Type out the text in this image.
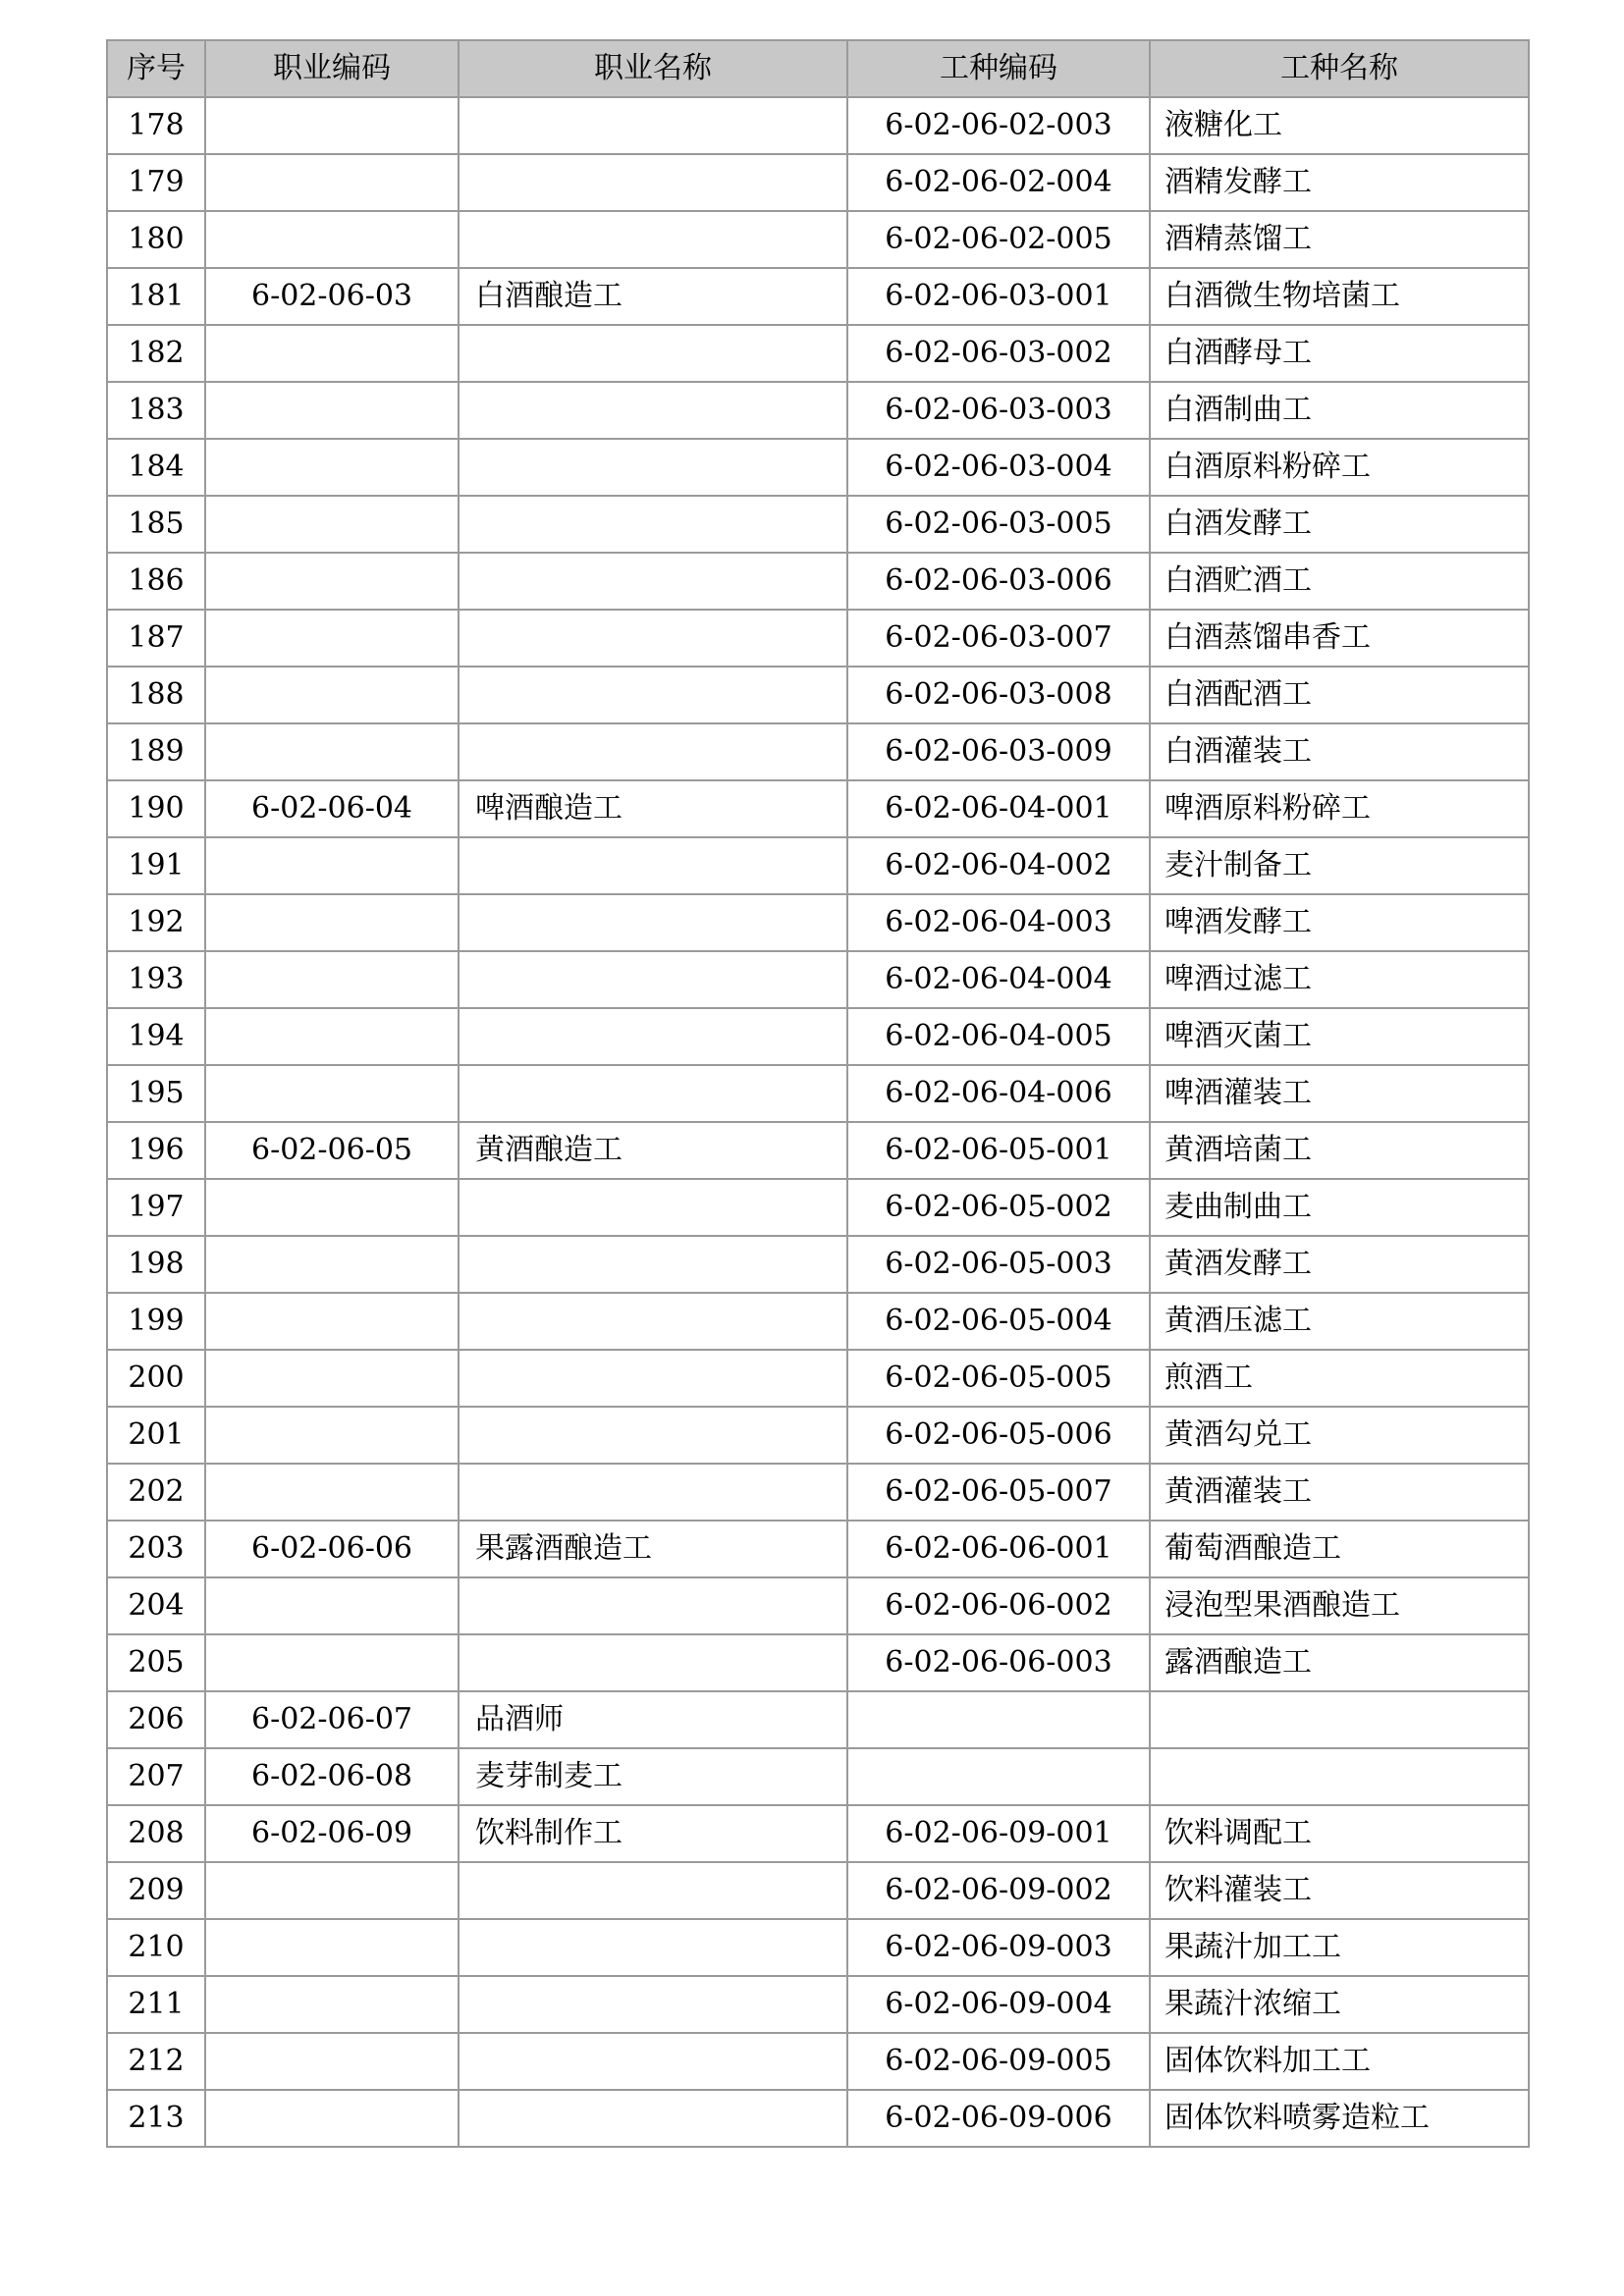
序号	职业编码	职业名称	工种编码	工种名称
178			6-02-06-02-003	液糖化工
179			6-02-06-02-004	酒精发酵工
180			6-02-06-02-005	酒精蒸馏工
181	6-02-06-03	白酒酿造工	6-02-06-03-001	白酒微生物培菌工
182			6-02-06-03-002	白酒酵母工
183			6-02-06-03-003	白酒制曲工
184			6-02-06-03-004	白酒原料粉碎工
185			6-02-06-03-005	白酒发酵工
186			6-02-06-03-006	白酒贮酒工
187			6-02-06-03-007	白酒蒸馏串香工
188			6-02-06-03-008	白酒配酒工
189			6-02-06-03-009	白酒灌装工
190	6-02-06-04	啤酒酿造工	6-02-06-04-001	啤酒原料粉碎工
191			6-02-06-04-002	麦汁制备工
192			6-02-06-04-003	啤酒发酵工
193			6-02-06-04-004	啤酒过滤工
194			6-02-06-04-005	啤酒灭菌工
195			6-02-06-04-006	啤酒灌装工
196	6-02-06-05	黄酒酿造工	6-02-06-05-001	黄酒培菌工
197			6-02-06-05-002	麦曲制曲工
198			6-02-06-05-003	黄酒发酵工
199			6-02-06-05-004	黄酒压滤工
200			6-02-06-05-005	煎酒工
201			6-02-06-05-006	黄酒勾兑工
202			6-02-06-05-007	黄酒灌装工
203	6-02-06-06	果露酒酿造工	6-02-06-06-001	葡萄酒酿造工
204			6-02-06-06-002	浸泡型果酒酿造工
205			6-02-06-06-003	露酒酿造工
206	6-02-06-07	品酒师		
207	6-02-06-08	麦芽制麦工		
208	6-02-06-09	饮料制作工	6-02-06-09-001	饮料调配工
209			6-02-06-09-002	饮料灌装工
210			6-02-06-09-003	果蔬汁加工工
211			6-02-06-09-004	果蔬汁浓缩工
212			6-02-06-09-005	固体饮料加工工
213			6-02-06-09-006	固体饮料喷雾造粒工
